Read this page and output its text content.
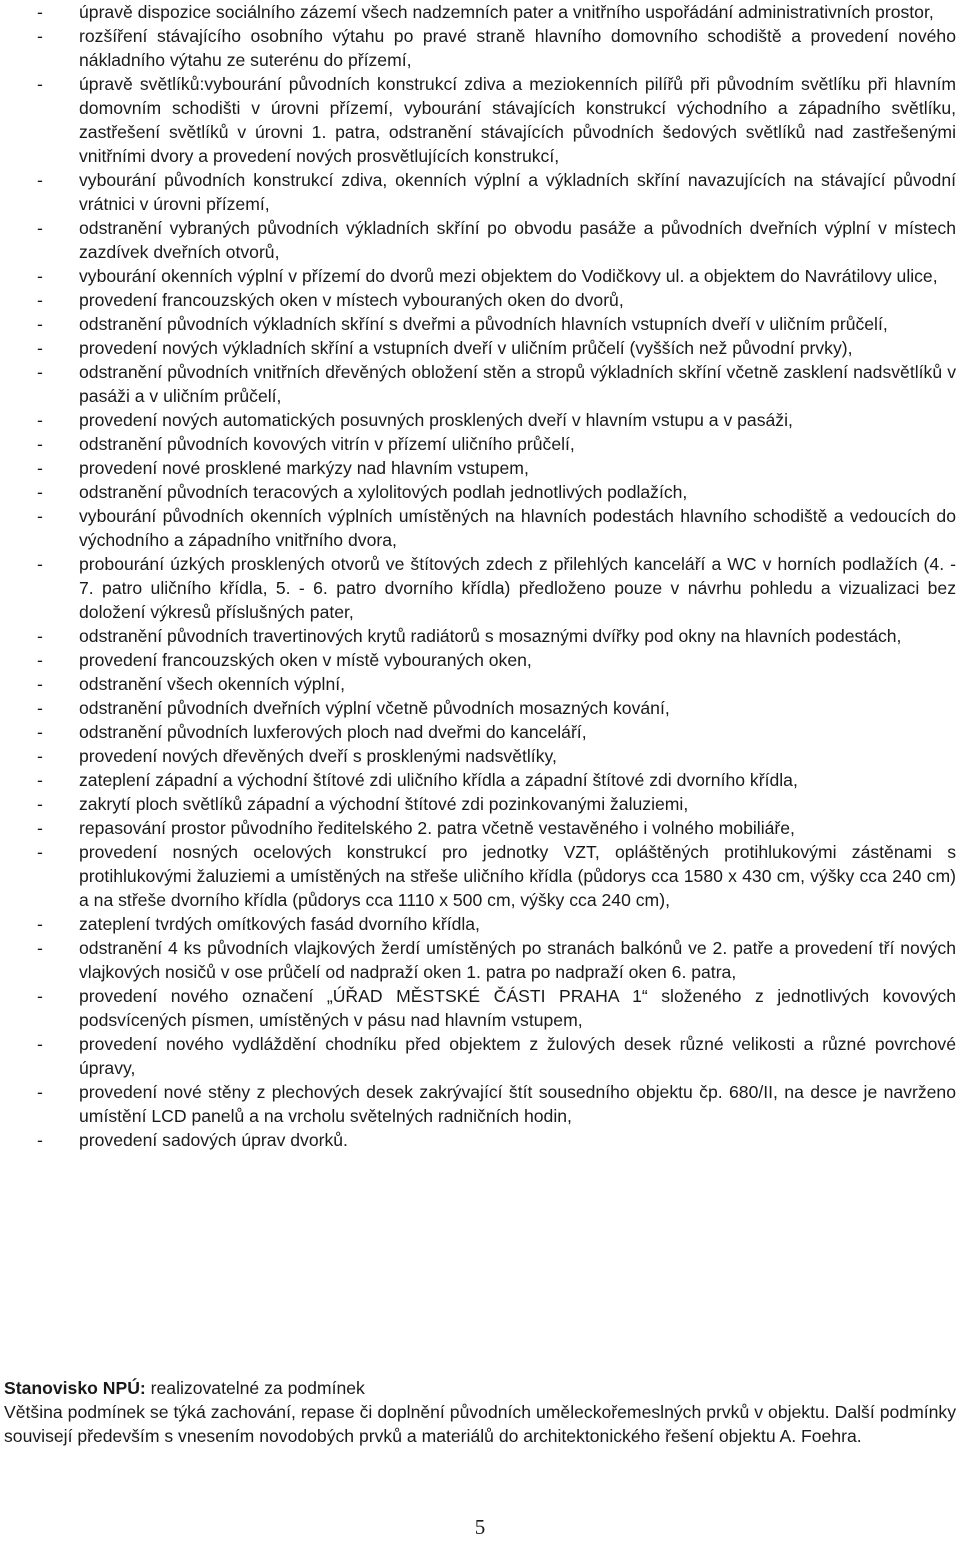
- úpravě dispozice sociálního zázemí všech nadzemních pater a vnitřního uspořádání administrativních prostor,
- rozšíření stávajícího osobního výtahu po pravé straně hlavního domovního schodiště a provedení nového nákladního výtahu ze suterénu do přízemí,
- úpravě světlíků:vybourání původních konstrukcí zdiva a meziokenních pilířů při původním světlíku při hlavním domovním schodišti v úrovni přízemí, vybourání stávajících konstrukcí východního a západního světlíku, zastřešení světlíků v úrovni 1. patra, odstranění stávajících původních šedových světlíků nad zastřešenými vnitřními dvory a provedení nových prosvětlujících konstrukcí,
- vybourání původních konstrukcí zdiva, okenních výplní a výkladních skříní navazujících na stávající původní vrátnici v úrovni přízemí,
- odstranění vybraných původních výkladních skříní po obvodu pasáže a původních dveřních výplní v místech zazdívek dveřních otvorů,
- vybourání okenních výplní v přízemí do dvorů mezi objektem do Vodičkovy ul. a objektem do Navrátilovy ulice,
- provedení francouzských oken v místech vybouraných oken do dvorů,
- odstranění původních výkladních skříní s dveřmi a původních hlavních vstupních dveří v uličním průčelí,
- provedení nových výkladních skříní a vstupních dveří v uličním průčelí (vyšších než původní prvky),
- odstranění původních vnitřních dřevěných obložení stěn a stropů výkladních skříní včetně zasklení nadsvětlíků v pasáži a v uličním průčelí,
- provedení nových automatických posuvných prosklených dveří v hlavním vstupu a v pasáži,
- odstranění původních kovových vitrín v přízemí uličního průčelí,
- provedení nové prosklené markýzy nad hlavním vstupem,
- odstranění původních teracových a xylolitových podlah jednotlivých podlažích,
- vybourání původních okenních výplních umístěných na hlavních podestách hlavního schodiště a vedoucích do východního a západního vnitřního dvora,
- probourání úzkých prosklených otvorů ve štítových zdech z přilehlých kanceláří a WC v horních podlažích (4. - 7. patro uličního křídla, 5. - 6. patro dvorního křídla) předloženo pouze v návrhu pohledu a vizualizaci bez doložení výkresů příslušných pater,
- odstranění původních travertinových krytů radiátorů s mosaznými dvířky pod okny na hlavních podestách,
- provedení francouzských oken v místě vybouraných oken,
- odstranění všech okenních výplní,
- odstranění původních dveřních výplní včetně původních mosazných kování,
- odstranění původních luxferových ploch nad dveřmi do kanceláří,
- provedení nových dřevěných dveří s prosklenými nadsvětlíky,
- zateplení západní a východní štítové zdi uličního křídla a západní štítové zdi dvorního křídla,
- zakrytí ploch světlíků západní a východní štítové zdi pozinkovanými žaluziemi,
- repasování prostor původního ředitelského 2. patra včetně vestavěného i volného mobiliáře,
- provedení nosných ocelových konstrukcí pro jednotky VZT, opláštěných protihlukovými zástěnami s protihlukovými žaluziemi a umístěných na střeše uličního křídla (půdorys cca 1580 x 430 cm, výšky cca 240 cm) a na střeše dvorního křídla (půdorys cca 1110 x 500 cm, výšky cca 240 cm),
- zateplení tvrdých omítkových fasád dvorního křídla,
- odstranění 4 ks původních vlajkových žerdí umístěných po stranách balkónů ve 2. patře a provedení tří nových vlajkových nosičů v ose průčelí od nadpraží oken 1. patra po nadpraží oken 6. patra,
- provedení nového označení „ÚŘAD MĚSTSKÉ ČÁSTI PRAHA 1“ složeného z jednotlivých kovových podsvícených písmen, umístěných v pásu nad hlavním vstupem,
- provedení nového vydláždění chodníku před objektem z žulových desek různé velikosti a různé povrchové úpravy,
- provedení nové stěny z plechových desek zakrývající štít sousedního objektu čp. 680/II, na desce je navrženo umístění LCD panelů a na vrcholu světelných radničních hodin,
- provedení sadových úprav dvorků.
Stanovisko NPÚ: realizovatelné za podmínek
Většina podmínek se týká zachování, repase či doplnění původních uměleckořemeslných prvků v objektu. Další podmínky souvisejí především s vnesením novodobých prvků a materiálů do architektonického řešení objektu A. Foehra.
5
